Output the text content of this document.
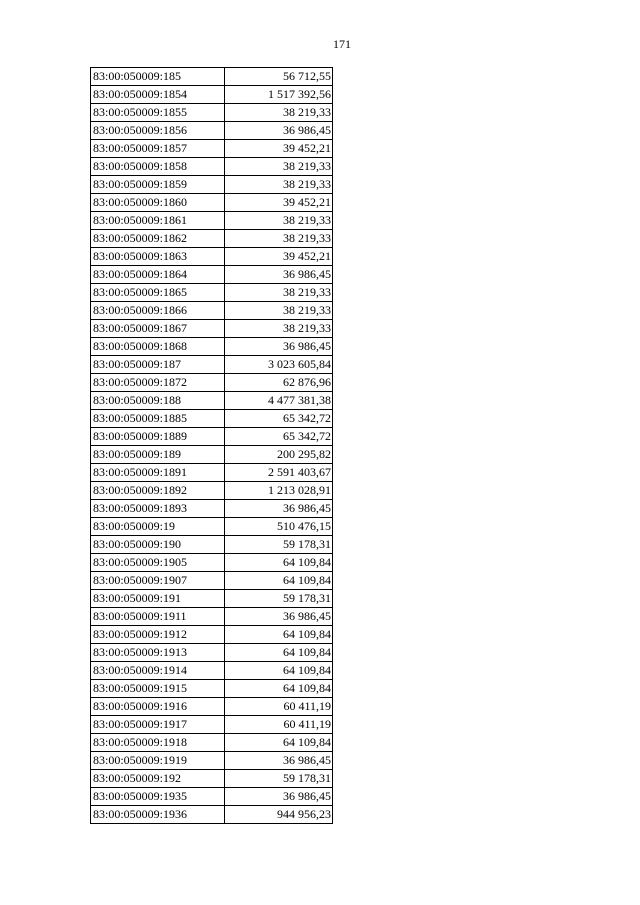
171
83:00:050009:185	56 712,55
83:00:050009:1854	1 517 392,56
83:00:050009:1855	38 219,33
83:00:050009:1856	36 986,45
83:00:050009:1857	39 452,21
83:00:050009:1858	38 219,33
83:00:050009:1859	38 219,33
83:00:050009:1860	39 452,21
83:00:050009:1861	38 219,33
83:00:050009:1862	38 219,33
83:00:050009:1863	39 452,21
83:00:050009:1864	36 986,45
83:00:050009:1865	38 219,33
83:00:050009:1866	38 219,33
83:00:050009:1867	38 219,33
83:00:050009:1868	36 986,45
83:00:050009:187	3 023 605,84
83:00:050009:1872	62 876,96
83:00:050009:188	4 477 381,38
83:00:050009:1885	65 342,72
83:00:050009:1889	65 342,72
83:00:050009:189	200 295,82
83:00:050009:1891	2 591 403,67
83:00:050009:1892	1 213 028,91
83:00:050009:1893	36 986,45
83:00:050009:19	510 476,15
83:00:050009:190	59 178,31
83:00:050009:1905	64 109,84
83:00:050009:1907	64 109,84
83:00:050009:191	59 178,31
83:00:050009:1911	36 986,45
83:00:050009:1912	64 109,84
83:00:050009:1913	64 109,84
83:00:050009:1914	64 109,84
83:00:050009:1915	64 109,84
83:00:050009:1916	60 411,19
83:00:050009:1917	60 411,19
83:00:050009:1918	64 109,84
83:00:050009:1919	36 986,45
83:00:050009:192	59 178,31
83:00:050009:1935	36 986,45
83:00:050009:1936	944 956,23
